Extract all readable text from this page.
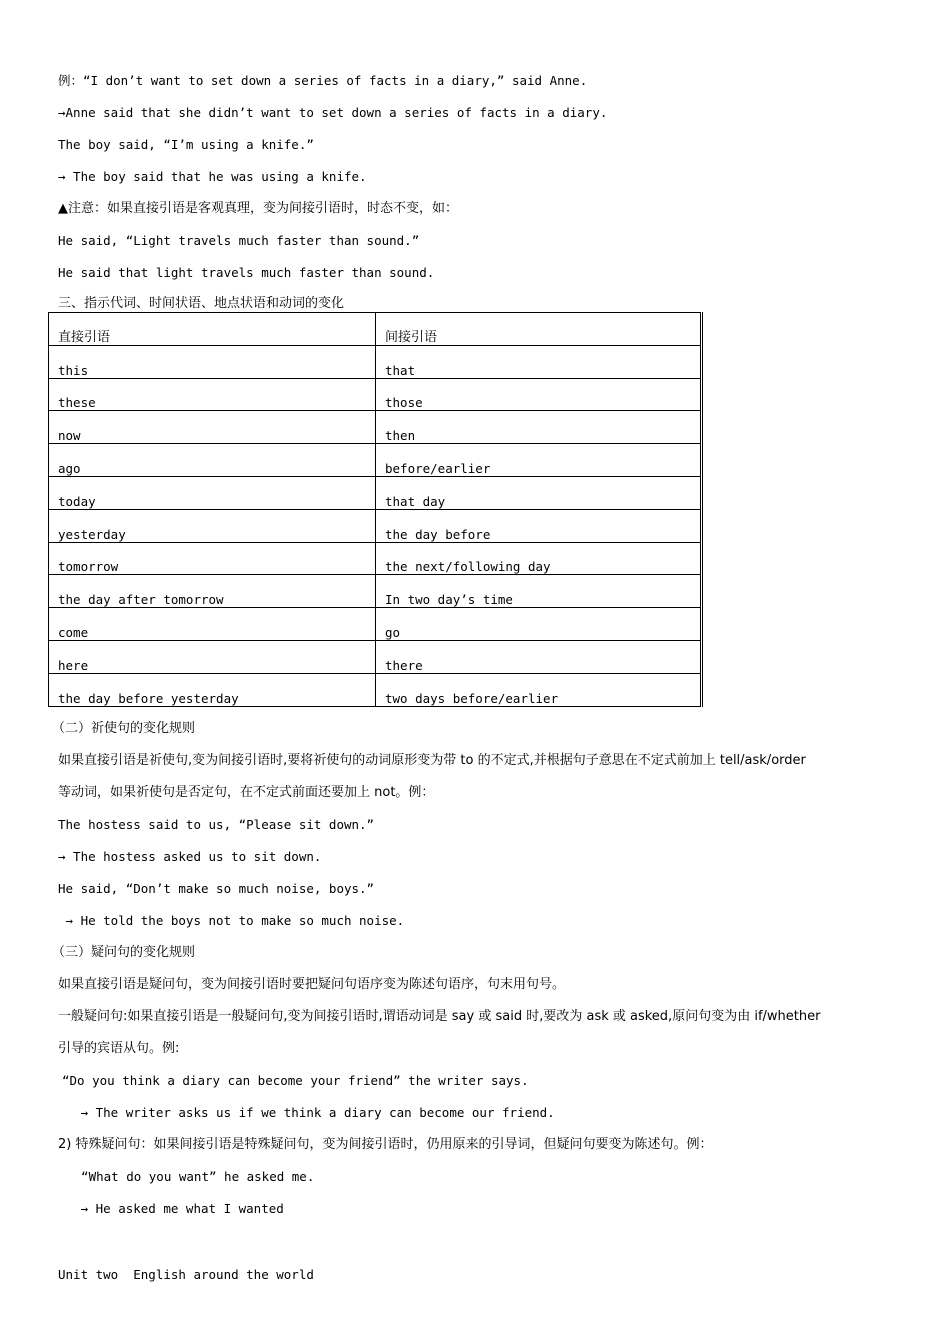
例：“I don’t want to set down a series of facts in a diary,” said Anne.
→Anne said that she didn’t want to set down a series of facts in a diary.
The boy said, “I’m using a knife.”
→ The boy said that he was using a knife.
▲注意：如果直接引语是客观真理，变为间接引语时，时态不变，如：
He said, “Light travels much faster than sound.”
He said that light travels much faster than sound.
三、指示代词、时间状语、地点状语和动词的变化
直接引语	间接引语
this	that
these	those
now	then
ago	before/earlier
today	that day
yesterday	the day before
tomorrow	the next/following day
the day after tomorrow	In two day’s time
come	go
here	there
the day before yesterday	two days before/earlier
（二）祈使句的变化规则
如果直接引语是祈使句,变为间接引语时,要将祈使句的动词原形变为带 to 的不定式,并根据句子意思在不定式前加上 tell/ask/order
等动词，如果祈使句是否定句，在不定式前面还要加上 not。例：
The hostess said to us, “Please sit down.”
→ The hostess asked us to sit down.
He said, “Don’t make so much noise, boys.”
→ He told the boys not to make so much noise.
（三）疑问句的变化规则
如果直接引语是疑问句，变为间接引语时要把疑问句语序变为陈述句语序，句末用句号。
一般疑问句:如果直接引语是一般疑问句,变为间接引语时,谓语动词是 say 或 said 时,要改为 ask 或 asked,原问句变为由 if/whether
引导的宾语从句。例:
“Do you think a diary can become your friend” the writer says.
→ The writer asks us if we think a diary can become our friend.
2) 特殊疑问句：如果间接引语是特殊疑问句，变为间接引语时，仍用原来的引导词，但疑问句要变为陈述句。例：
“What do you want” he asked me.
→ He asked me what I wanted
Unit two  English around the world
